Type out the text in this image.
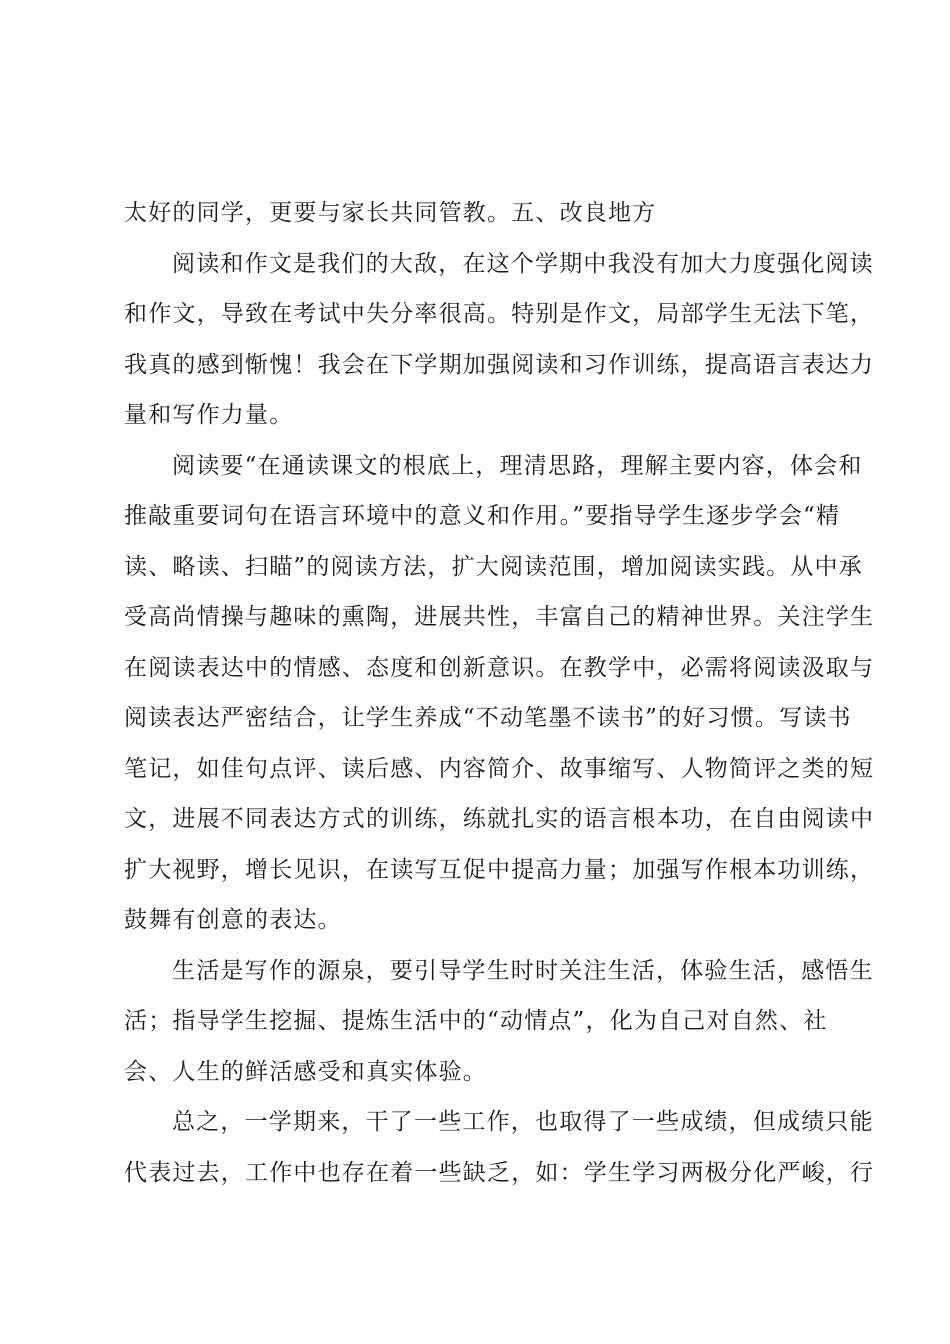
太好的同学，更要与家长共同管教。五、改良地方
阅读和作文是我们的大敌，在这个学期中我没有加大力度强化阅读
和作文，导致在考试中失分率很高。特别是作文，局部学生无法下笔，
我真的感到惭愧！我会在下学期加强阅读和习作训练，提高语言表达力
量和写作力量。
阅读要“在通读课文的根底上，理清思路，理解主要内容，体会和
推敲重要词句在语言环境中的意义和作用。”要指导学生逐步学会“精
读、略读、扫瞄”的阅读方法，扩大阅读范围，增加阅读实践。从中承
受高尚情操与趣味的熏陶，进展共性，丰富自己的精神世界。关注学生
在阅读表达中的情感、态度和创新意识。在教学中，必需将阅读汲取与
阅读表达严密结合，让学生养成“不动笔墨不读书”的好习惯。写读书
笔记，如佳句点评、读后感、内容简介、故事缩写、人物简评之类的短
文，进展不同表达方式的训练，练就扎实的语言根本功，在自由阅读中
扩大视野，增长见识，在读写互促中提高力量；加强写作根本功训练，
鼓舞有创意的表达。
生活是写作的源泉，要引导学生时时关注生活，体验生活，感悟生
活；指导学生挖掘、提炼生活中的“动情点”，化为自己对自然、社
会、人生的鲜活感受和真实体验。
总之，一学期来，干了一些工作，也取得了一些成绩，但成绩只能
代表过去，工作中也存在着一些缺乏，如：学生学习两极分化严峻，行
